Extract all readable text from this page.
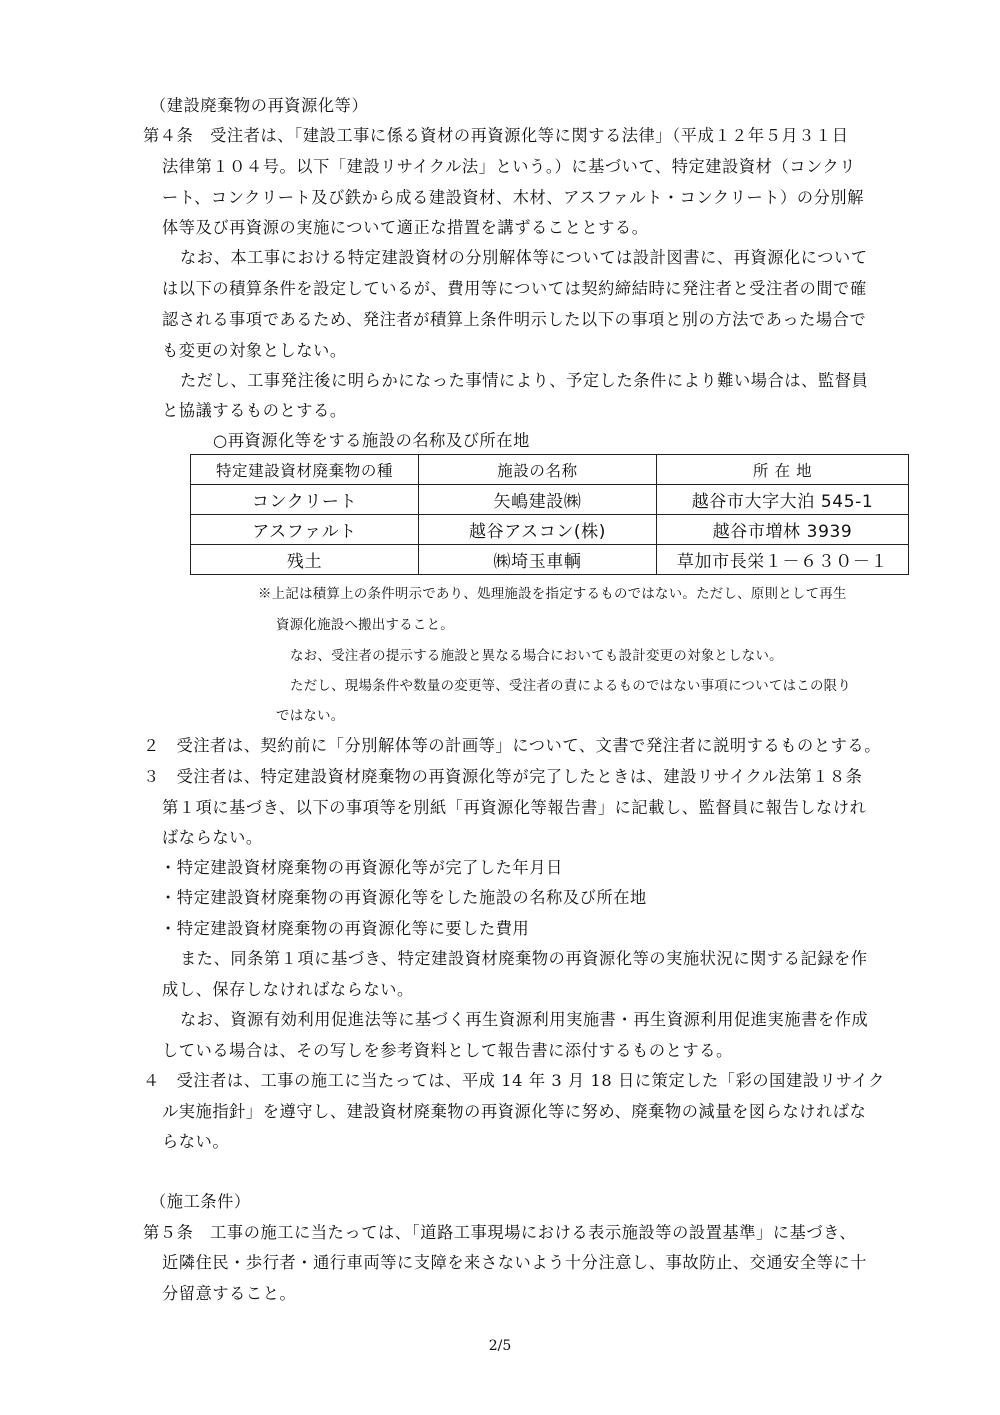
（建設廃棄物の再資源化等）

第４条　受注者は、「建設工事に係る資材の再資源化等に関する法律」（平成１２年５月３１日

法律第１０４号。以下「建設リサイクル法」という。）に基づいて、特定建設資材（コンクリ

ート、コンクリート及び鉄から成る建設資材、木材、アスファルト・コンクリート）の分別解

体等及び再資源の実施について適正な措置を講ずることとする。

なお、本工事における特定建設資材の分別解体等については設計図書に、再資源化について

は以下の積算条件を設定しているが、費用等については契約締結時に発注者と受注者の間で確

認される事項であるため、発注者が積算上条件明示した以下の事項と別の方法であった場合で

も変更の対象としない。

ただし、工事発注後に明らかになった事情により、予定した条件により難い場合は、監督員

と協議するものとする。

○再資源化等をする施設の名称及び所在地

特定建設資材廃棄物の種	施設の名称	所 在 地
コンクリート	矢嶋建設㈱	越谷市大字大泊 545-1
アスファルト	越谷アスコン(株)	越谷市増林 3939
残土	㈱埼玉車輌	草加市長栄１－６３０－１

※上記は積算上の条件明示であり、処理施設を指定するものではない。ただし、原則として再生

資源化施設へ搬出すること。

なお、受注者の提示する施設と異なる場合においても設計変更の対象としない。

ただし、現場条件や数量の変更等、受注者の責によるものではない事項についてはこの限り

ではない。

２　受注者は、契約前に「分別解体等の計画等」について、文書で発注者に説明するものとする。

３　受注者は、特定建設資材廃棄物の再資源化等が完了したときは、建設リサイクル法第１８条

第１項に基づき、以下の事項等を別紙「再資源化等報告書」に記載し、監督員に報告しなけれ

ばならない。

・特定建設資材廃棄物の再資源化等が完了した年月日

・特定建設資材廃棄物の再資源化等をした施設の名称及び所在地

・特定建設資材廃棄物の再資源化等に要した費用

また、同条第１項に基づき、特定建設資材廃棄物の再資源化等の実施状況に関する記録を作

成し、保存しなければならない。

なお、資源有効利用促進法等に基づく再生資源利用実施書・再生資源利用促進実施書を作成

している場合は、その写しを参考資料として報告書に添付するものとする。

４　受注者は、工事の施工に当たっては、平成 14 年 3 月 18 日に策定した「彩の国建設リサイク

ル実施指針」を遵守し、建設資材廃棄物の再資源化等に努め、廃棄物の減量を図らなければな

らない。

（施工条件）

第５条　工事の施工に当たっては、「道路工事現場における表示施設等の設置基準」に基づき、

近隣住民・歩行者・通行車両等に支障を来さないよう十分注意し、事故防止、交通安全等に十

分留意すること。

2/5
